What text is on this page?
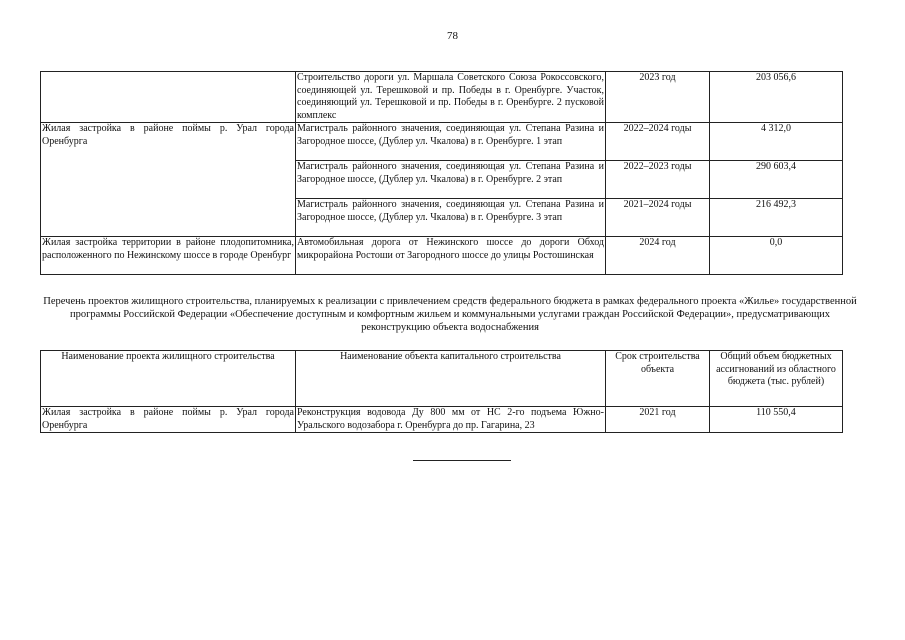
78
	Строительство дороги ул. Маршала Советского Союза Рокоссовского, соединяющей ул. Терешковой и пр. Победы в г. Оренбурге. Участок, соединяющий ул. Терешковой и пр. Победы в г. Оренбурге. 2 пусковой комплекс	2023 год	203 056,6
Жилая застройка в районе поймы р. Урал города Оренбурга	Магистраль районного значения, соединяющая ул. Степана Разина и Загородное шоссе, (Дублер ул. Чкалова) в г. Оренбурге. 1 этап	2022–2024 годы	4 312,0
	Магистраль районного значения, соединяющая ул. Степана Разина и Загородное шоссе, (Дублер ул. Чкалова) в г. Оренбурге. 2 этап	2022–2023 годы	290 603,4
	Магистраль районного значения, соединяющая ул. Степана Разина и Загородное шоссе, (Дублер ул. Чкалова) в г. Оренбурге. 3 этап	2021–2024 годы	216 492,3
Жилая застройка территории в районе плодопитомника, расположенного по Нежинскому шоссе в городе Оренбург	Автомобильная дорога от Нежинского шоссе до дороги Обход микрорайона Ростоши от Загородного шоссе до улицы Ростошинская	2024 год	0,0
Перечень проектов жилищного строительства, планируемых к реализации с привлечением средств федерального бюджета в рамках федерального проекта «Жилье» государственной программы Российской Федерации «Обеспечение доступным и комфортным жильем и коммунальными услугами граждан Российской Федерации», предусматривающих реконструкцию объекта водоснабжения
Наименование проекта жилищного строительства	Наименование объекта капитального строительства	Срок строительства объекта	Общий объем бюджетных ассигнований из областного бюджета (тыс. рублей)
Жилая застройка в районе поймы р. Урал города Оренбурга	Реконструкция водовода Ду 800 мм от НС 2-го подъема Южно-Уральского водозабора г. Оренбурга до пр. Гагарина, 23	2021 год	110 550,4
